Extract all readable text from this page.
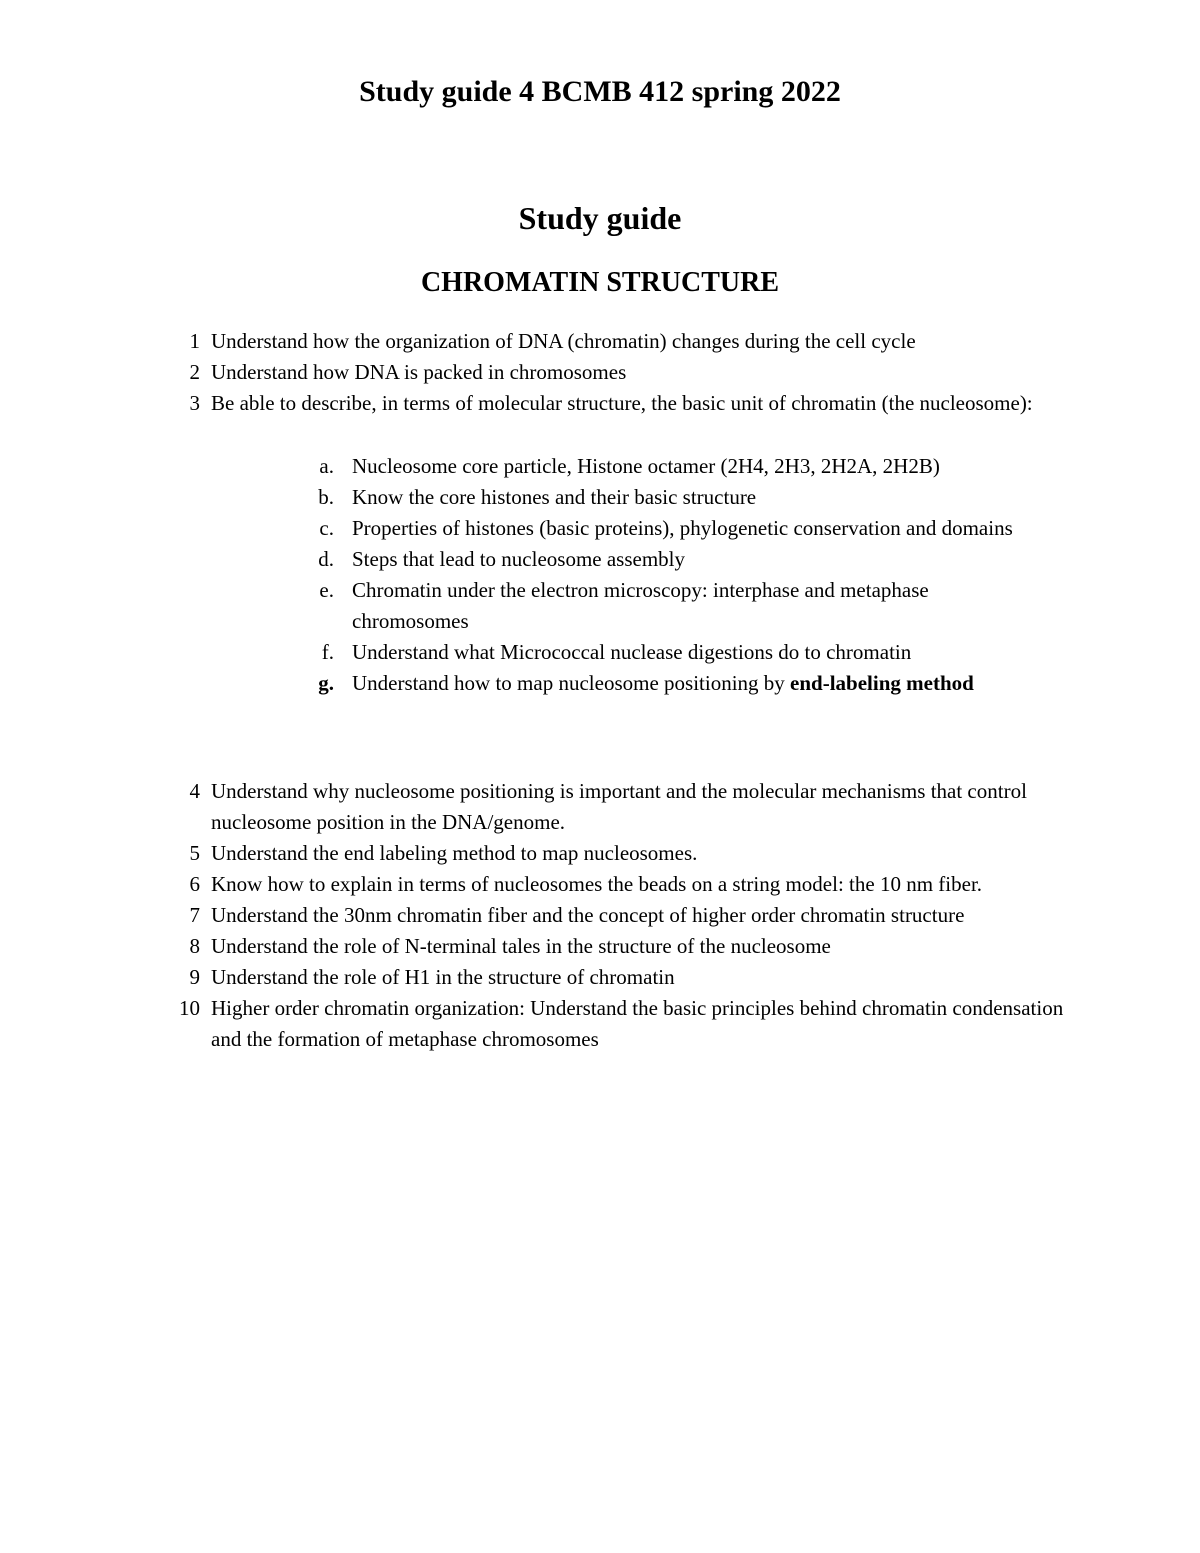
Study guide 4 BCMB 412 spring 2022
Study guide
CHROMATIN STRUCTURE
1 Understand how the organization of DNA (chromatin) changes during the cell cycle
2 Understand how DNA is packed in chromosomes
3 Be able to describe, in terms of molecular structure, the basic unit of chromatin (the nucleosome):
a. Nucleosome core particle, Histone octamer (2H4, 2H3, 2H2A, 2H2B)
b. Know the core histones and their basic structure
c. Properties of histones (basic proteins), phylogenetic conservation and domains
d. Steps that lead to nucleosome assembly
e. Chromatin under the electron microscopy: interphase and metaphase chromosomes
f. Understand what Micrococcal nuclease digestions do to chromatin
g. Understand how to map nucleosome positioning by end-labeling method
4 Understand why nucleosome positioning is important and the molecular mechanisms that control nucleosome position in the DNA/genome.
5 Understand the end labeling method to map nucleosomes.
6 Know how to explain in terms of nucleosomes the beads on a string model: the 10 nm fiber.
7 Understand the 30nm chromatin fiber and the concept of higher order chromatin structure
8 Understand the role of N-terminal tales in the structure of the nucleosome
9 Understand the role of H1 in the structure of chromatin
10 Higher order chromatin organization: Understand the basic principles behind chromatin condensation and the formation of metaphase chromosomes
